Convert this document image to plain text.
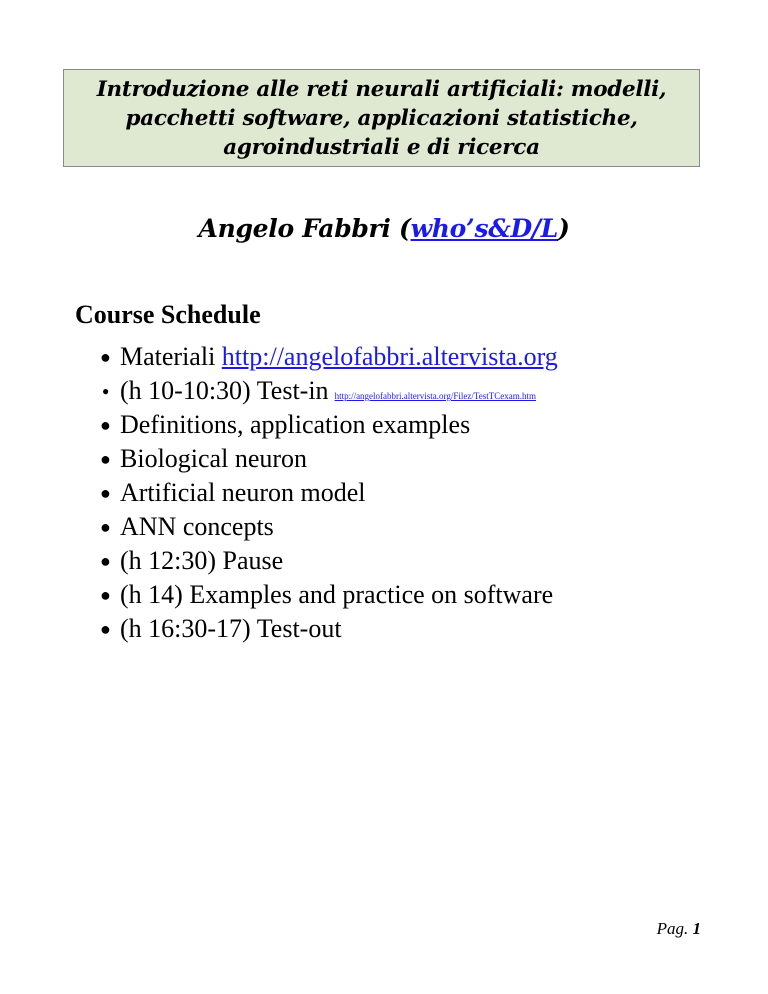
Introduzione alle reti neurali artificiali: modelli,
pacchetti software, applicazioni statistiche,
agroindustriali e di ricerca
Angelo Fabbri (who’s&D/L)
Course Schedule
● Materiali http://angelofabbri.altervista.org
● (h 10-10:30) Test-in http://angelofabbri.altervista.org/Filez/TestTCexam.htm
● Definitions, application examples
● Biological neuron
● Artificial neuron model
● ANN concepts
● (h 12:30) Pause
● (h 14) Examples and practice on software
● (h 16:30-17) Test-out
Pag. 1
